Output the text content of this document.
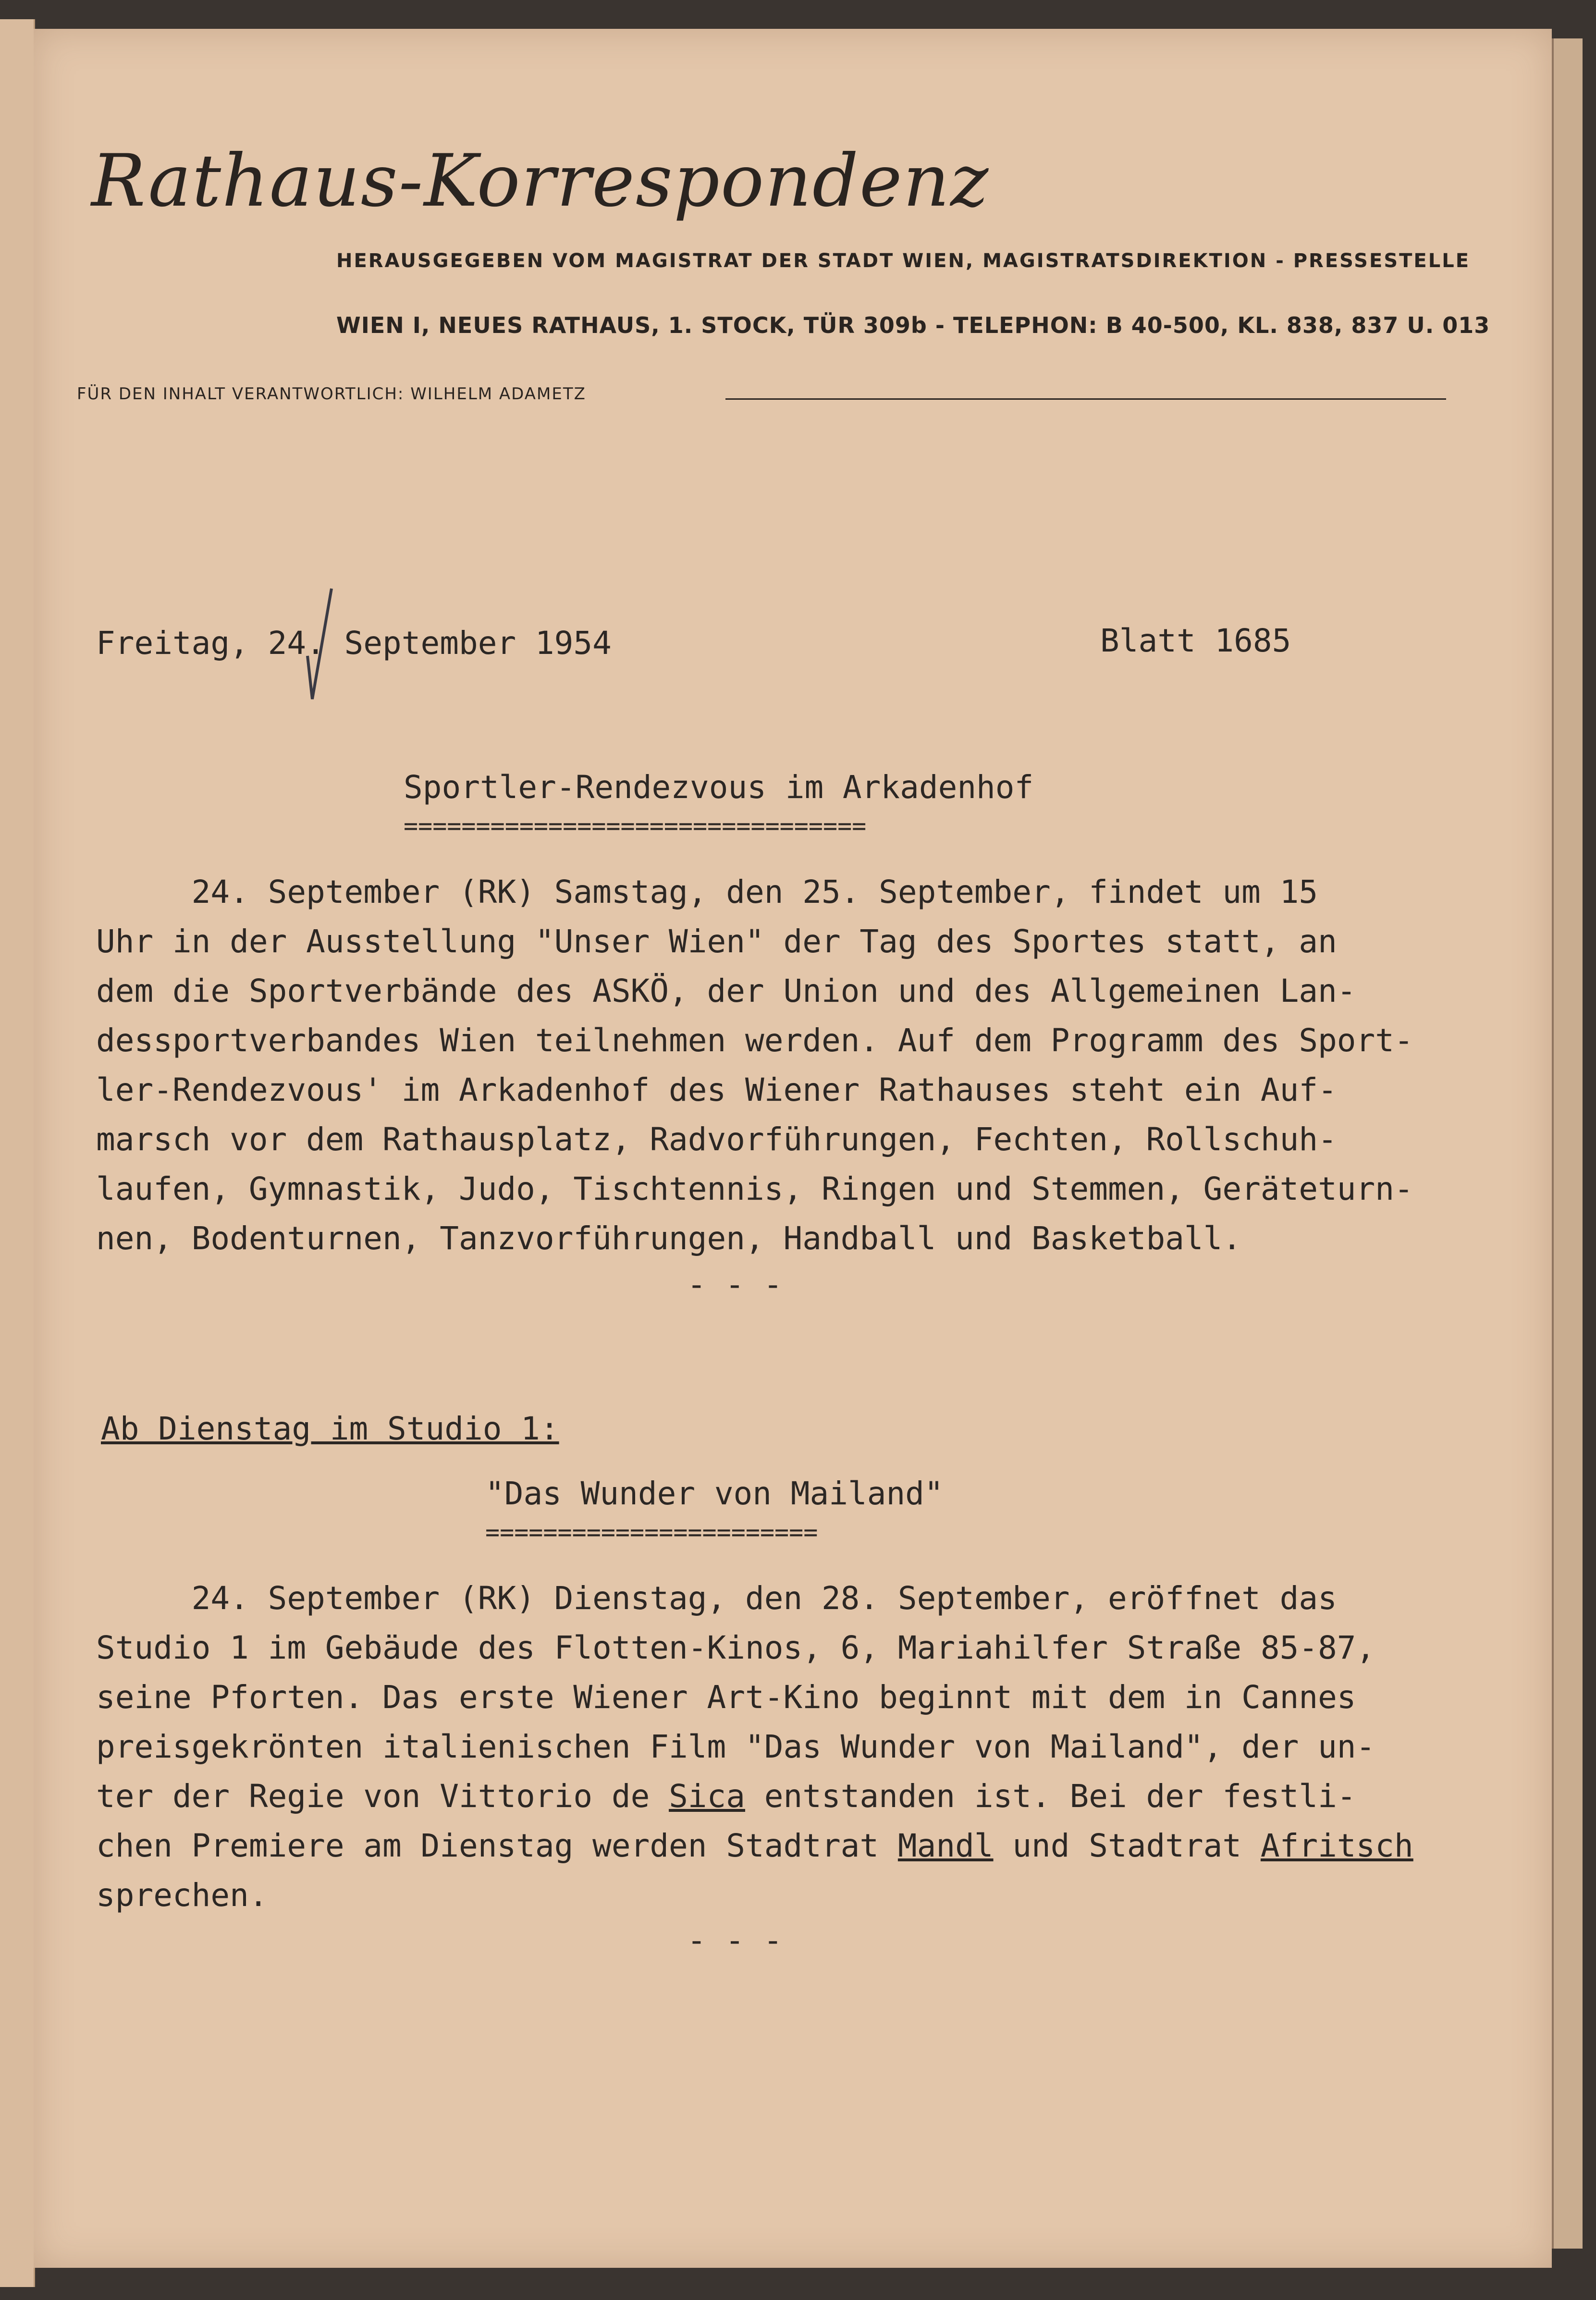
Rathaus-Korrespondenz
HERAUSGEGEBEN VOM MAGISTRAT DER STADT WIEN, MAGISTRATSDIREKTION - PRESSESTELLE
WIEN I, NEUES RATHAUS, 1. STOCK, TÜR 309b - TELEPHON: B 40-500, KL. 838, 837 U. 013
FÜR DEN INHALT VERANTWORTLICH: WILHELM ADAMETZ
Freitag, 24. September 1954	Blatt 1685
Sportler-Rendezvous im Arkadenhof
================================
24. September (RK) Samstag, den 25. September, findet um 15
Uhr in der Ausstellung "Unser Wien" der Tag des Sportes statt, an
dem die Sportverbände des ASKÖ, der Union und des Allgemeinen Lan-
dessportverbandes Wien teilnehmen werden. Auf dem Programm des Sport-
ler-Rendezvous' im Arkadenhof des Wiener Rathauses steht ein Auf-
marsch vor dem Rathausplatz, Radvorführungen, Fechten, Rollschuh-
laufen, Gymnastik, Judo, Tischtennis, Ringen und Stemmen, Geräteturn-
nen, Bodenturnen, Tanzvorführungen, Handball und Basketball.
- - -
Ab Dienstag im Studio 1:
"Das Wunder von Mailand"
=======================
24. September (RK) Dienstag, den 28. September, eröffnet das
Studio 1 im Gebäude des Flotten-Kinos, 6, Mariahilfer Straße 85-87,
seine Pforten. Das erste Wiener Art-Kino beginnt mit dem in Cannes
preisgekrönten italienischen Film "Das Wunder von Mailand", der un-
ter der Regie von Vittorio de Sica entstanden ist. Bei der festli-
chen Premiere am Dienstag werden Stadtrat Mandl und Stadtrat Afritsch
sprechen.
- - -
